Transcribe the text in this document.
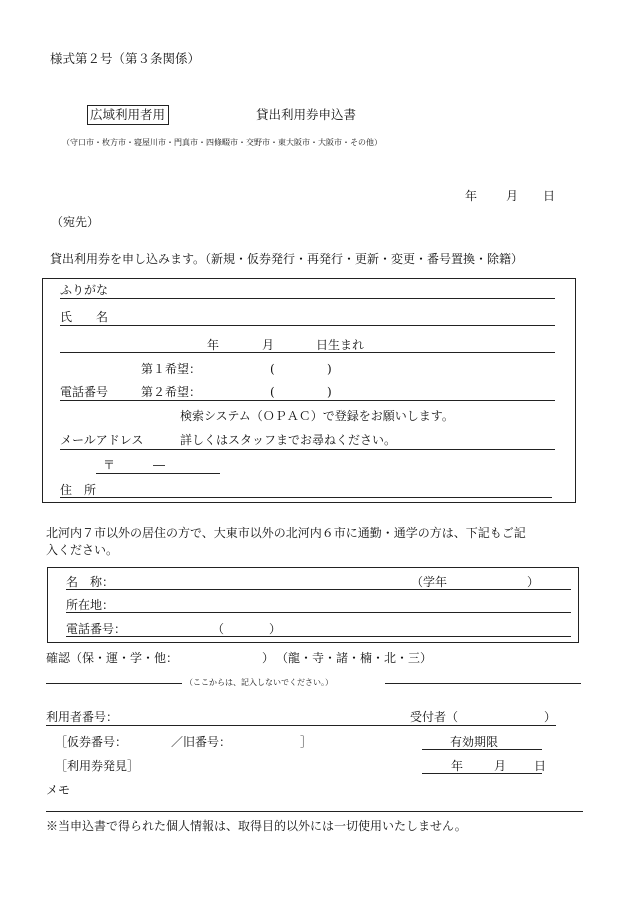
様式第２号（第３条関係）
広域利用者用	貸出利用券申込書
（守口市・枚方市・寝屋川市・門真市・四條畷市・交野市・東大阪市・大阪市・その他）
年 月 日
（宛先）
貸出利用券を申し込みます。（新規・仮券発行・再発行・更新・変更・番号置換・除籍）
ふりがな
氏　　名
年	月	日生まれ
第１希望：	(	)
電話番号	第２希望：	(	)
検索システム（ＯＰＡＣ）で登録をお願いします。
メールアドレス	詳しくはスタッフまでお尋ねください。
〒	―
住　所
北河内７市以外の居住の方で、大東市以外の北河内６市に通勤・通学の方は、下記もご記
入ください。
名　称：	（学年	）
所在地：
電話番号：	（	）
確認（保・運・学・他：	） （龍・寺・諸・楠・北・三）
（ここからは、記入しないでください。）
利用者番号：	受付者（	）
［仮券番号：	／旧番号：	］	有効期限
［利用券発見］	年	月 日
メモ
※当申込書で得られた個人情報は、取得目的以外には一切使用いたしません。
